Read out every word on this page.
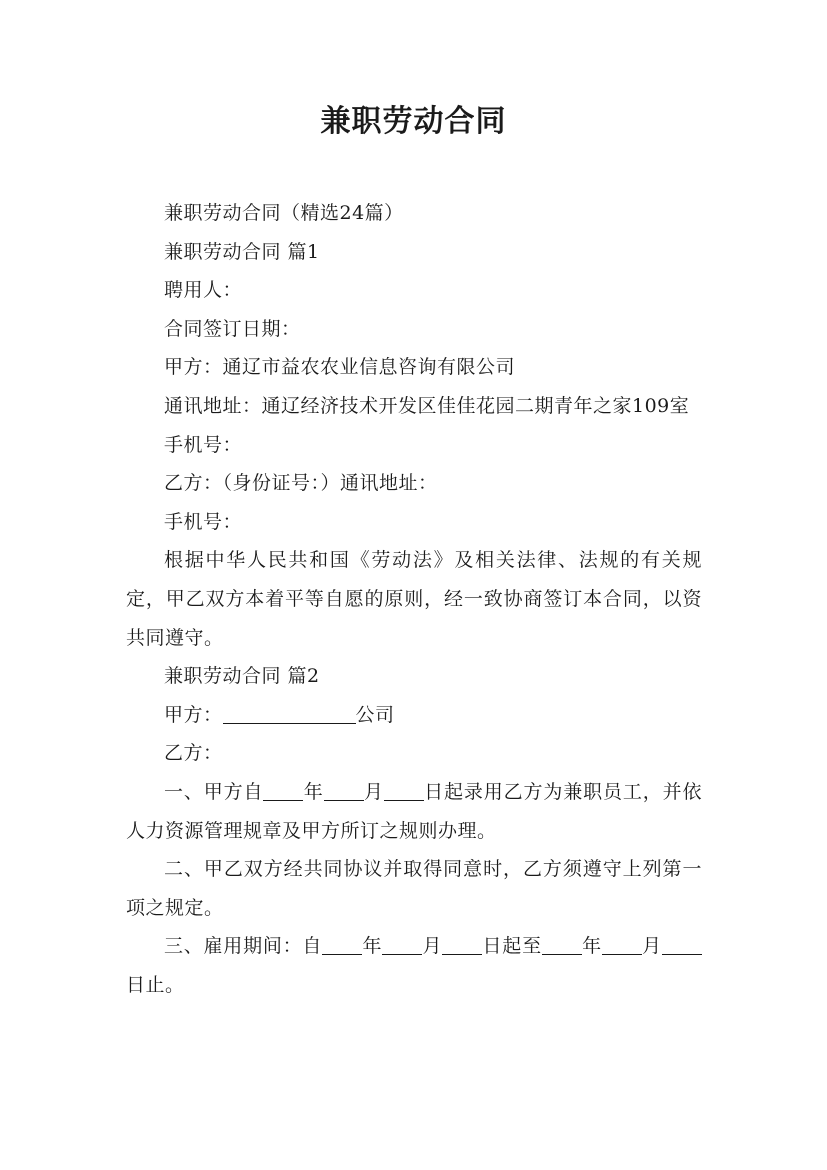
兼职劳动合同

兼职劳动合同（精选24篇）

兼职劳动合同 篇1

聘用人：

合同签订日期：

甲方：通辽市益农农业信息咨询有限公司

通讯地址：通辽经济技术开发区佳佳花园二期青年之家109室

手机号：

乙方：（身份证号：）通讯地址：

手机号：

根据中华人民共和国《劳动法》及相关法律、法规的有关规定，甲乙双方本着平等自愿的原则，经一致协商签订本合同，以资共同遵守。

兼职劳动合同 篇2

甲方：	公司

乙方：

一、甲方自 年 月 日起录用乙方为兼职员工，并依人力资源管理规章及甲方所订之规则办理。

二、甲乙双方经共同协议并取得同意时，乙方须遵守上列第一项之规定。

三、雇用期间：自 年 月 日起至 年 月日止。
